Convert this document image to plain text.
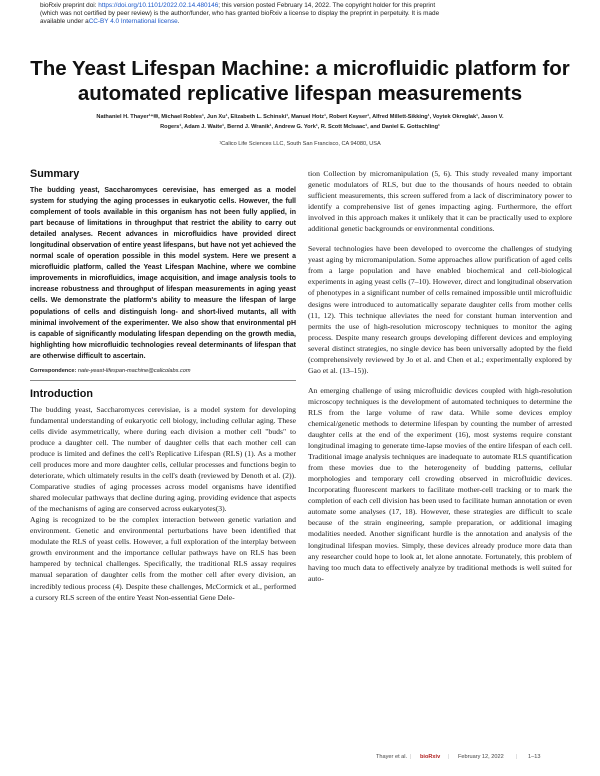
bioRxiv preprint doi: https://doi.org/10.1101/2022.02.14.480146; this version posted February 14, 2022. The copyright holder for this preprint
(which was not certified by peer review) is the author/funder, who has granted bioRxiv a license to display the preprint in perpetuity. It is made
available under aCC-BY 4.0 International license.
The Yeast Lifespan Machine: a microfluidic platform for automated replicative lifespan measurements
Nathaniel H. Thayer¹⁺✉, Michael Robles¹, Jun Xu¹, Elizabeth L. Schinski¹, Manuel Hotz¹, Robert Keyser¹, Alfred Millett-Sikking¹, Voytek Okreglak¹, Jason V.
Rogers¹, Adam J. Waite¹, Bernd J. Wranik¹, Andrew G. York¹, R. Scott McIsaac¹, and Daniel E. Gottschling¹
¹Calico Life Sciences LLC, South San Francisco, CA 94080, USA
Summary

The budding yeast, Saccharomyces cerevisiae, has emerged as a model system for studying the aging processes in eukaryotic cells. However, the full complement of tools available in this organism has not been fully applied, in part because of limitations in throughput that restrict the ability to carry out detailed analyses. Recent advances in microfluidics have provided direct longitudinal observation of entire yeast lifespans, but have not yet achieved the normal scale of operation possible in this model system. Here we present a microfluidic platform, called the Yeast Lifespan Machine, where we combine improvements in microfluidics, image acquisition, and image analysis tools to increase robustness and throughput of lifespan measurements in aging yeast cells. We demonstrate the platform's ability to measure the lifespan of large populations of cells and distinguish long- and short-lived mutants, all with minimal involvement of the experimenter. We also show that environmental pH is capable of significantly modulating lifespan depending on the growth media, highlighting how microfluidic technologies reveal determinants of lifespan that are otherwise difficult to ascertain.

Correspondence: nate-yeast-lifespan-machine@calicolabs.com
Introduction

The budding yeast, Saccharomyces cerevisiae, is a model system for developing fundamental understanding of eukaryotic cell biology, including cellular aging. These cells divide asymmetrically, where during each division a mother cell "buds" to produce a daughter cell. The number of daughter cells that each mother cell can produce is limited and defines the cell's Replicative Lifespan (RLS) (1). As a mother cell produces more and more daughter cells, cellular processes and functions begin to deteriorate, which ultimately results in the cell's death (reviewed by Denoth et al. (2)). Comparative studies of aging processes across model organisms have identified shared molecular pathways that decline during aging, providing evidence that aspects of the mechanisms of aging are conserved across eukaryotes(3).

Aging is recognized to be the complex interaction between genetic variation and environment. Genetic and environmental perturbations have been identified that modulate the RLS of yeast cells. However, a full exploration of the interplay between growth environment and the importance cellular pathways have on RLS has been hampered by technical challenges. Specifically, the traditional RLS assay requires manual separation of daughter cells from the mother cell after every division, an incredibly tedious process (4). Despite these challenges, McCormick et al., performed a cursory RLS screen of the entire Yeast Non-essential Gene Dele-

tion Collection by micromanipulation (5, 6). This study revealed many important genetic modulators of RLS, but due to the thousands of hours needed to obtain sufficient measurements, this screen suffered from a lack of discriminatory power to identify a comprehensive list of genes impacting aging. Furthermore, the effort involved in this approach makes it unlikely that it can be practically used to explore additional genetic backgrounds or environmental conditions.

Several technologies have been developed to overcome the challenges of studying yeast aging by micromanipulation. Some approaches allow purification of aged cells from a large population and have enabled biochemical and cell-biological experiments in aging yeast cells (7–10). However, direct and longitudinal observation of phenotypes in a significant number of cells remained impossible until microfluidic designs were introduced to automatically separate daughter cells from mother cells (11, 12). This technique alleviates the need for constant human intervention and permits the use of high-resolution microscopy techniques to monitor the aging process. Despite many research groups developing different devices and employing several distinct strategies, no single device has been universally adopted by the field (comprehensively reviewed by Jo et al. and Chen et al.; experimentally explored by Gao et al. (13–15)).

An emerging challenge of using microfluidic devices coupled with high-resolution microscopy techniques is the development of automated techniques to determine the RLS from the large volume of raw data. While some devices employ chemical/genetic methods to determine lifespan by counting the number of arrested daughter cells at the end of the experiment (16), most systems require constant longitudinal imaging to generate time-lapse movies of the entire lifespan of each cell. Traditional image analysis techniques are inadequate to automate RLS quantification from these movies due to the heterogeneity of budding patterns, cellular morphologies and temporary cell crowding observed in microfluidic devices. Incorporating fluorescent markers to facilitate mother-cell tracking or to mark the completion of each cell division has been used to facilitate human annotation or even automate some analyses (17, 18). However, these strategies are difficult to scale because of the strain engineering, sample preparation, or additional imaging modalities needed. Another significant hurdle is the annotation and analysis of the longitudinal lifespan movies. Simply, these devices already produce more data than any researcher could hope to look at, let alone annotate. Fortunately, this problem of having too much data to effectively analyze by traditional methods is well suited for auto-

Thayer et al. | bioRxiv | February 12, 2022 | 1–13
